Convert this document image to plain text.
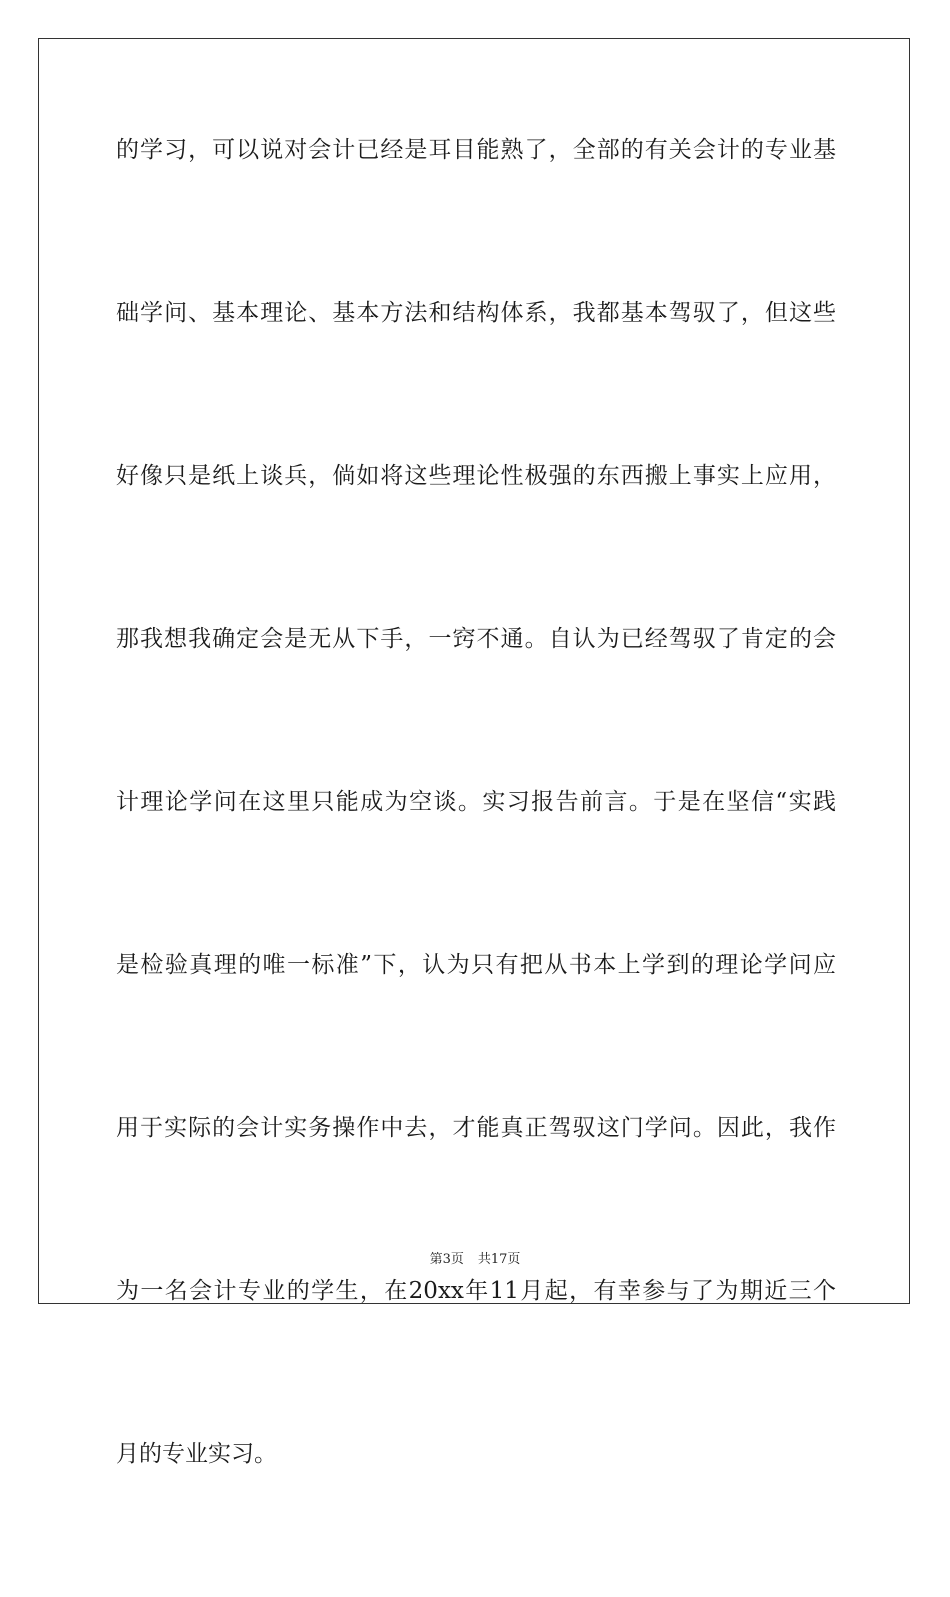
的学习，可以说对会计已经是耳目能熟了，全部的有关会计的专业基
础学问、基本理论、基本方法和结构体系，我都基本驾驭了，但这些
好像只是纸上谈兵，倘如将这些理论性极强的东西搬上事实上应用，
那我想我确定会是无从下手，一窍不通。自认为已经驾驭了肯定的会
计理论学问在这里只能成为空谈。实习报告前言。于是在坚信“实践
是检验真理的唯一标准”下，认为只有把从书本上学到的理论学问应
用于实际的会计实务操作中去，才能真正驾驭这门学问。因此，我作
为一名会计专业的学生，在20xx年11月起，有幸参与了为期近三个
月的专业实习。
第3页 共17页
